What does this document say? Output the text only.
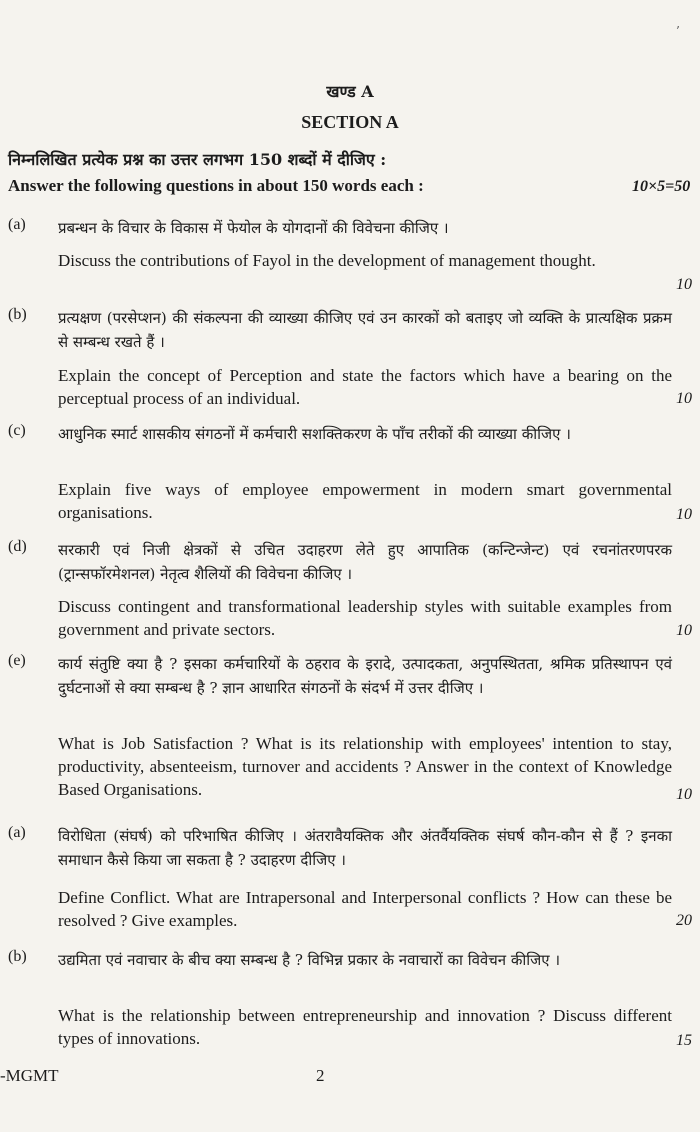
’
खण्ड A
SECTION A
निम्नलिखित प्रत्येक प्रश्न का उत्तर लगभग 150 शब्दों में दीजिए :
Answer the following questions in about 150 words each :	10×5=50
(a) प्रबन्धन के विचार के विकास में फेयोल के योगदानों की विवेचना कीजिए ।
Discuss the contributions of Fayol in the development of management thought.
10
(b) प्रत्यक्षण (परसेप्शन) की संकल्पना की व्याख्या कीजिए एवं उन कारकों को बताइए जो व्यक्ति के प्रात्यक्षिक प्रक्रम से सम्बन्ध रखते हैं ।
Explain the concept of Perception and state the factors which have a bearing on the perceptual process of an individual.	10
(c) आधुनिक स्मार्ट शासकीय संगठनों में कर्मचारी सशक्तिकरण के पाँच तरीकों की व्याख्या कीजिए ।
Explain five ways of employee empowerment in modern smart governmental organisations.	10
(d) सरकारी एवं निजी क्षेत्रकों से उचित उदाहरण लेते हुए आपातिक (कन्टिन्जेन्ट) एवं रचनांतरणपरक (ट्रान्सफॉरमेशनल) नेतृत्व शैलियों की विवेचना कीजिए ।
Discuss contingent and transformational leadership styles with suitable examples from government and private sectors.	10
(e) कार्य संतुष्टि क्या है ? इसका कर्मचारियों के ठहराव के इरादे, उत्पादकता, अनुपस्थितता, श्रमिक प्रतिस्थापन एवं दुर्घटनाओं से क्या सम्बन्ध है ? ज्ञान आधारित संगठनों के संदर्भ में उत्तर दीजिए ।
What is Job Satisfaction ? What is its relationship with employees' intention to stay, productivity, absenteeism, turnover and accidents ? Answer in the context of Knowledge Based Organisations.	10
(a) विरोधिता (संघर्ष) को परिभाषित कीजिए । अंतरावैयक्तिक और अंतर्वैयक्तिक संघर्ष कौन-कौन से हैं ? इनका समाधान कैसे किया जा सकता है ? उदाहरण दीजिए ।
Define Conflict. What are Intrapersonal and Interpersonal conflicts ? How can these be resolved ? Give examples.	20
(b) उद्यमिता एवं नवाचार के बीच क्या सम्बन्ध है ? विभिन्न प्रकार के नवाचारों का विवेचन कीजिए ।
What is the relationship between entrepreneurship and innovation ? Discuss different types of innovations.	15
-MGMT	2
